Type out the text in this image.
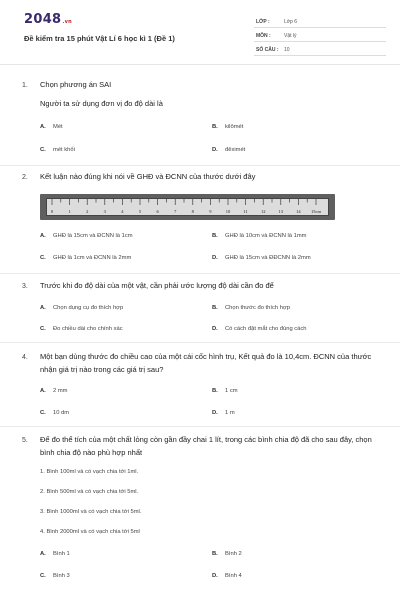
2048.vn
Đề kiểm tra 15 phút Vật Lí 6 học kì 1 (Đề 1)
LỚP :	Lớp 6
MÔN :	Vật lý
SỐ CÂU : 10
1. Chọn phương án SAI
Người ta sử dụng đơn vị đo độ dài là
A. Mét	B. kilômét
C. mét khối	D. đêximét
2. Kết luận nào đúng khi nói về GHĐ và ĐCNN của thước dưới đây
0	1	2	3	4	5	6	7	8	9	10	11	12	13	14 15cm
A. GHĐ là 15cm và ĐCNN là 1cm	B. GHĐ là 10cm và ĐCNN là 1mm
C. GHĐ là 1cm và ĐCNN là 2mm	D. GHĐ là 15cm và ĐĐCNN là 2mm
3. Trước khi đo độ dài của một vật, cần phải ước lượng độ dài cần đo để
A. Chọn dụng cụ đo thích hợp	B. Chọn thước đo thích hợp
C. Đo chiều dài cho chính xác	D. Có cách đặt mắt cho đúng cách
4. Một bạn dùng thước đo chiều cao của một cái cốc hình trụ, Kết quả đo là 10,4cm. ĐCNN của thước nhận giá trị nào trong các giá trị sau?
A. 2 mm	B. 1 cm
C. 10 dm	D. 1 m
5. Để đo thể tích của một chất lỏng còn gần đầy chai 1 lít, trong các bình chia độ đã cho sau đây, chọn bình chia độ nào phù hợp nhất
1. Bình 100ml và có vạch chia tới 1ml.
2. Bình 500ml và có vạch chia tới 5ml.
3. Bình 1000ml và có vạch chia tới 5ml.
4. Bình 2000ml và có vạch chia tới 5ml
A. Bình 1	B. Bình 2
C. Bình 3	D. Bình 4
